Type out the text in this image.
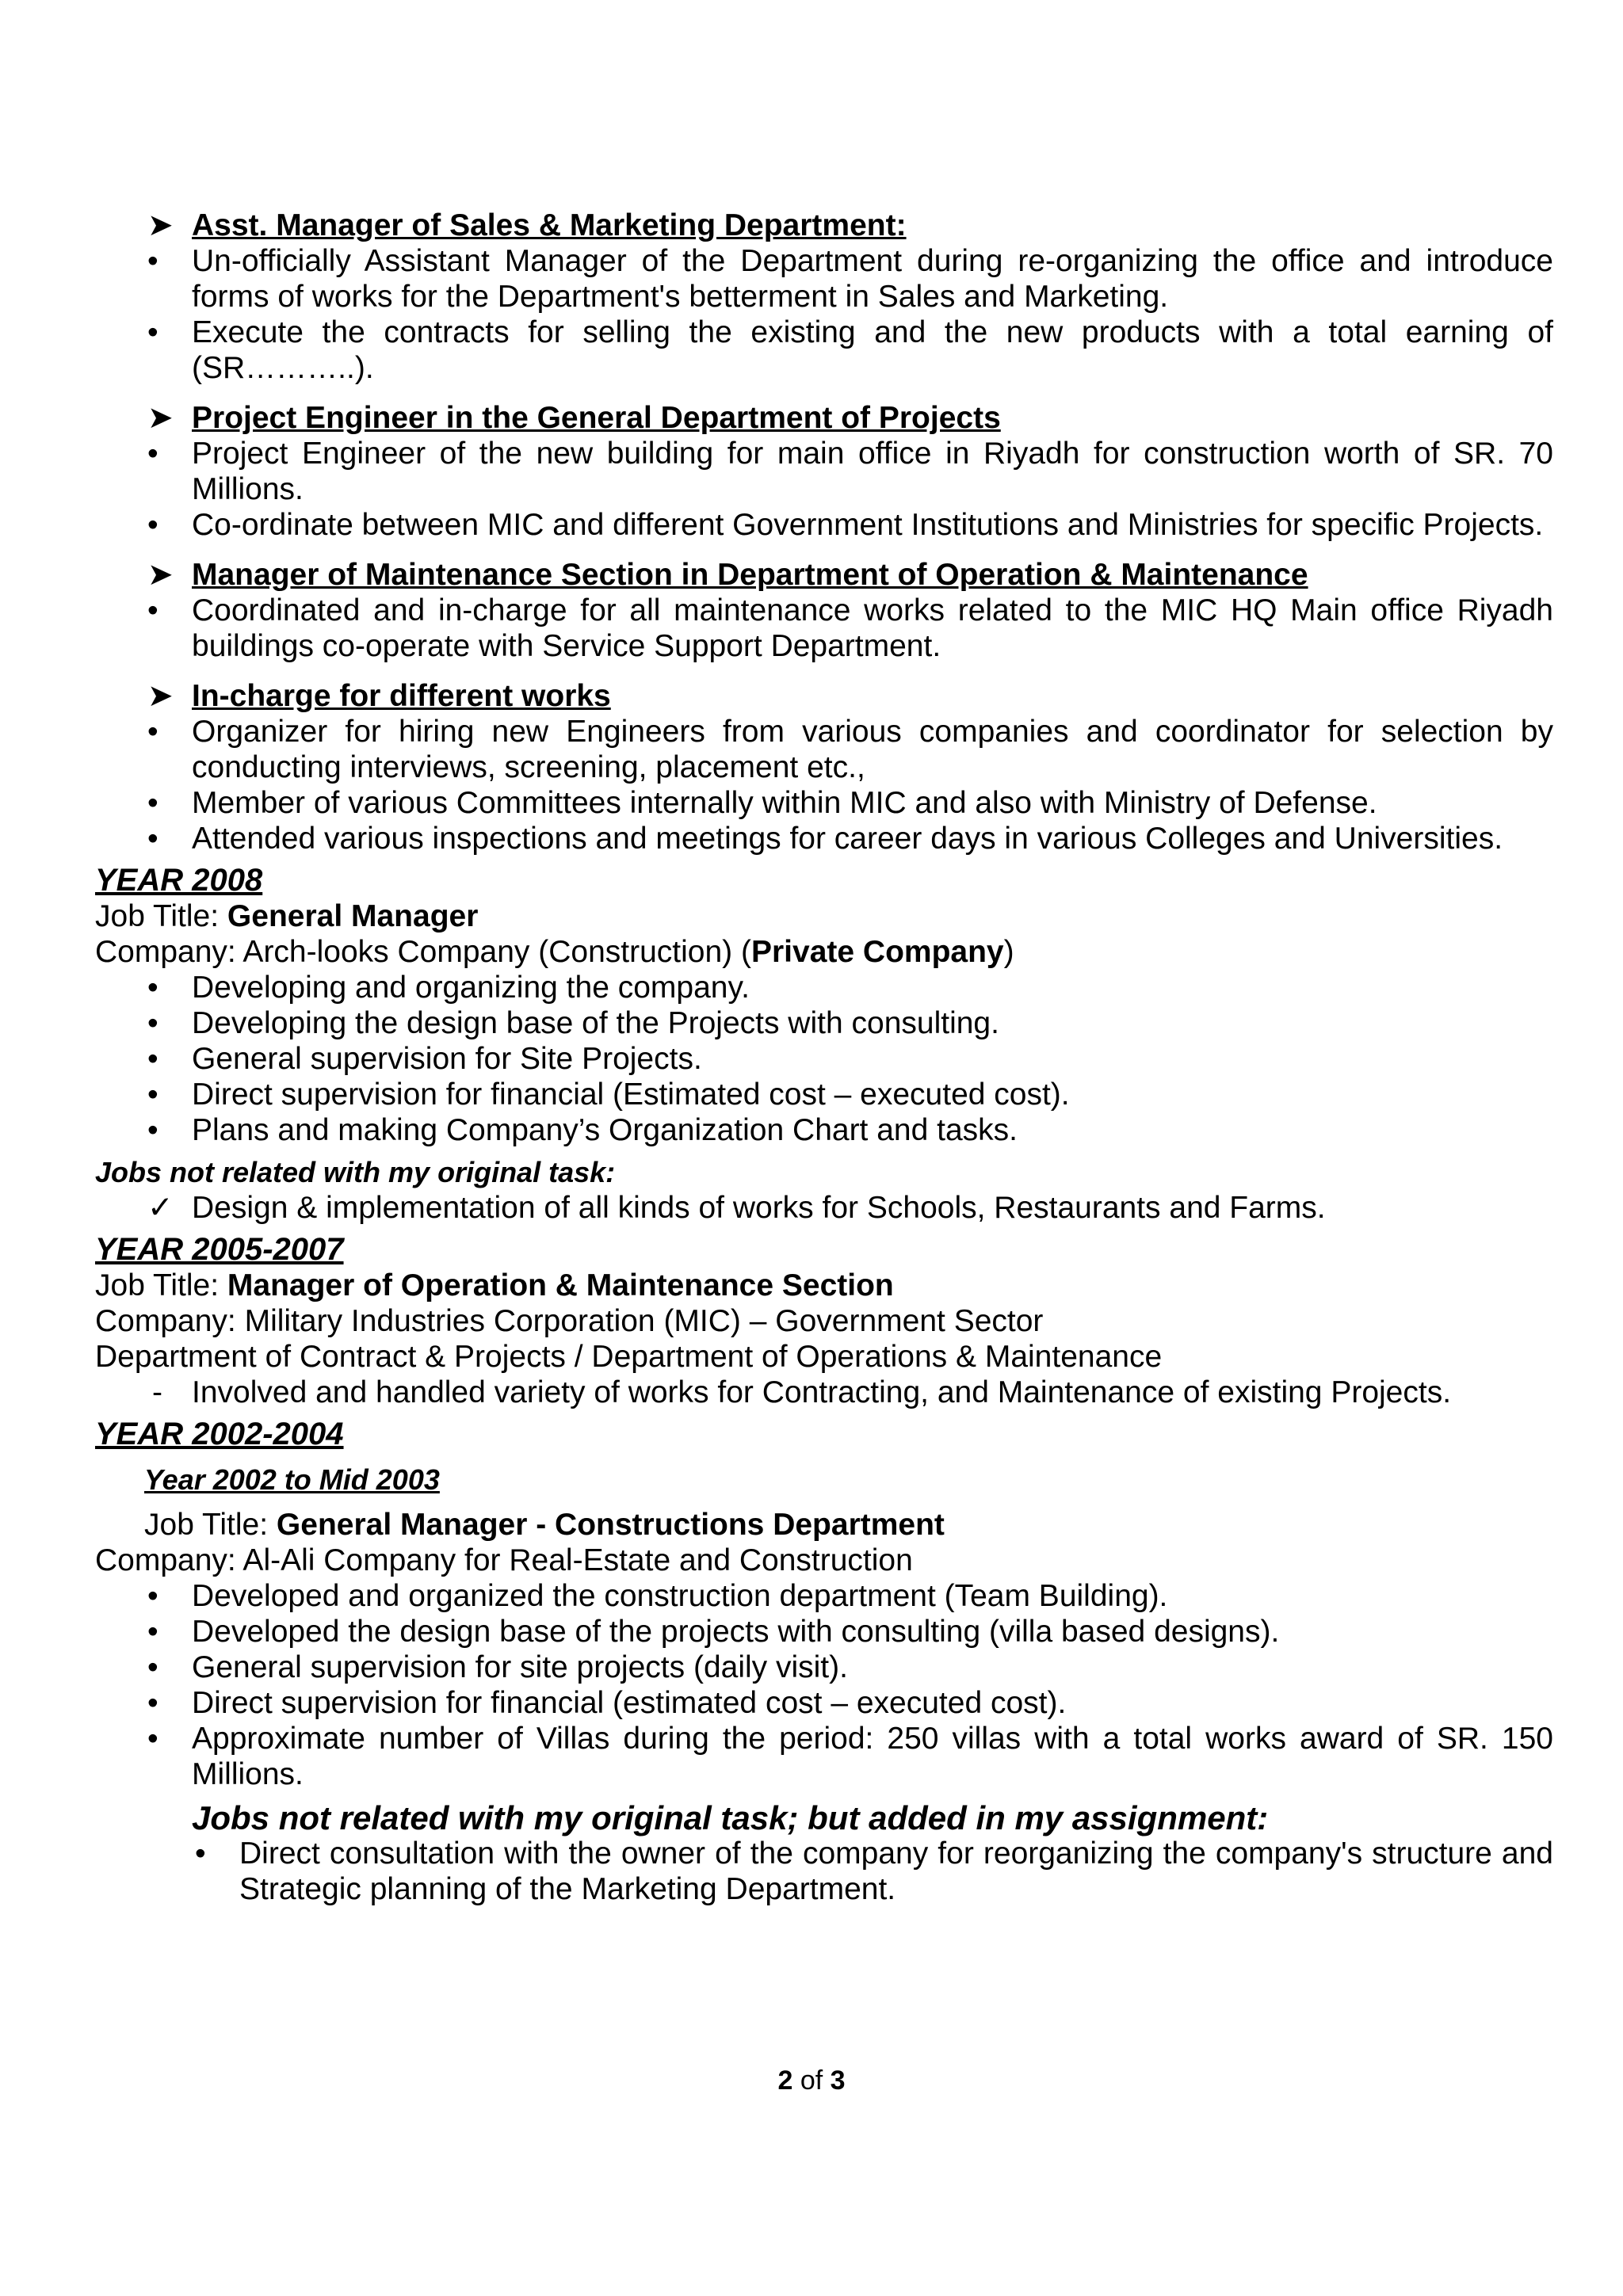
➤ Asst. Manager of Sales & Marketing Department:
• Un-officially Assistant Manager of the Department during re-organizing the office and introduce forms of works for the Department's betterment in Sales and Marketing.
• Execute the contracts for selling the existing and the new products with a total earning of (SR………..).
➤ Project Engineer in the General Department of Projects
• Project Engineer of the new building for main office in Riyadh for construction worth of SR. 70 Millions.
• Co-ordinate between MIC and different Government Institutions and Ministries for specific Projects.
➤ Manager of Maintenance Section in Department of Operation & Maintenance
• Coordinated and in-charge for all maintenance works related to the MIC HQ Main office Riyadh buildings co-operate with Service Support Department.
➤ In-charge for different works
• Organizer for hiring new Engineers from various companies and coordinator for selection by conducting interviews, screening, placement etc.,
• Member of various Committees internally within MIC and also with Ministry of Defense.
• Attended various inspections and meetings for career days in various Colleges and Universities.
YEAR 2008
Job Title: General Manager
Company: Arch-looks Company (Construction) (Private Company)
• Developing and organizing the company.
• Developing the design base of the Projects with consulting.
• General supervision for Site Projects.
• Direct supervision for financial (Estimated cost – executed cost).
• Plans and making Company’s Organization Chart and tasks.
Jobs not related with my original task:
✓ Design & implementation of all kinds of works for Schools, Restaurants and Farms.
YEAR 2005-2007
Job Title: Manager of Operation & Maintenance Section
Company: Military Industries Corporation (MIC) – Government Sector
Department of Contract & Projects / Department of Operations & Maintenance
- Involved and handled variety of works for Contracting, and Maintenance of existing Projects.
YEAR 2002-2004
Year 2002 to Mid 2003
Job Title: General Manager - Constructions Department
Company: Al-Ali Company for Real-Estate and Construction
• Developed and organized the construction department (Team Building).
• Developed the design base of the projects with consulting (villa based designs).
• General supervision for site projects (daily visit).
• Direct supervision for financial (estimated cost – executed cost).
• Approximate number of Villas during the period: 250 villas with a total works award of SR. 150 Millions.
Jobs not related with my original task; but added in my assignment:
• Direct consultation with the owner of the company for reorganizing the company's structure and Strategic planning of the Marketing Department.
2 of 3
